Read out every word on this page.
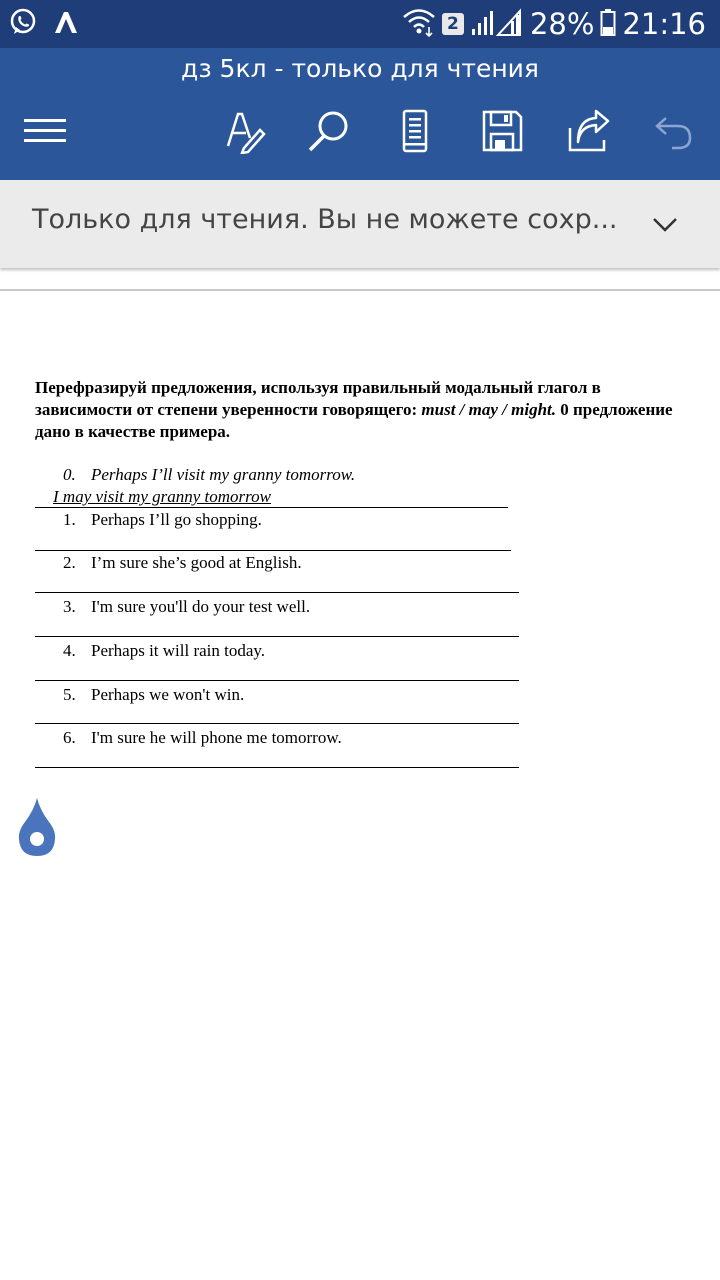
2 28% 21:16
дз 5кл - только для чтения
Только для чтения. Вы не можете сохр...
Перефразируй предложения, используя правильный модальный глагол в
зависимости от степени уверенности говорящего: must / may / might. 0 предложение
дано в качестве примера.
0. Perhaps I’ll visit my granny tomorrow.
I may visit my granny tomorrow
1. Perhaps I’ll go shopping.
2. I’m sure she’s good at English.
3. I'm sure you'll do your test well.
4. Perhaps it will rain today.
5. Perhaps we won't win.
6. I'm sure he will phone me tomorrow.
